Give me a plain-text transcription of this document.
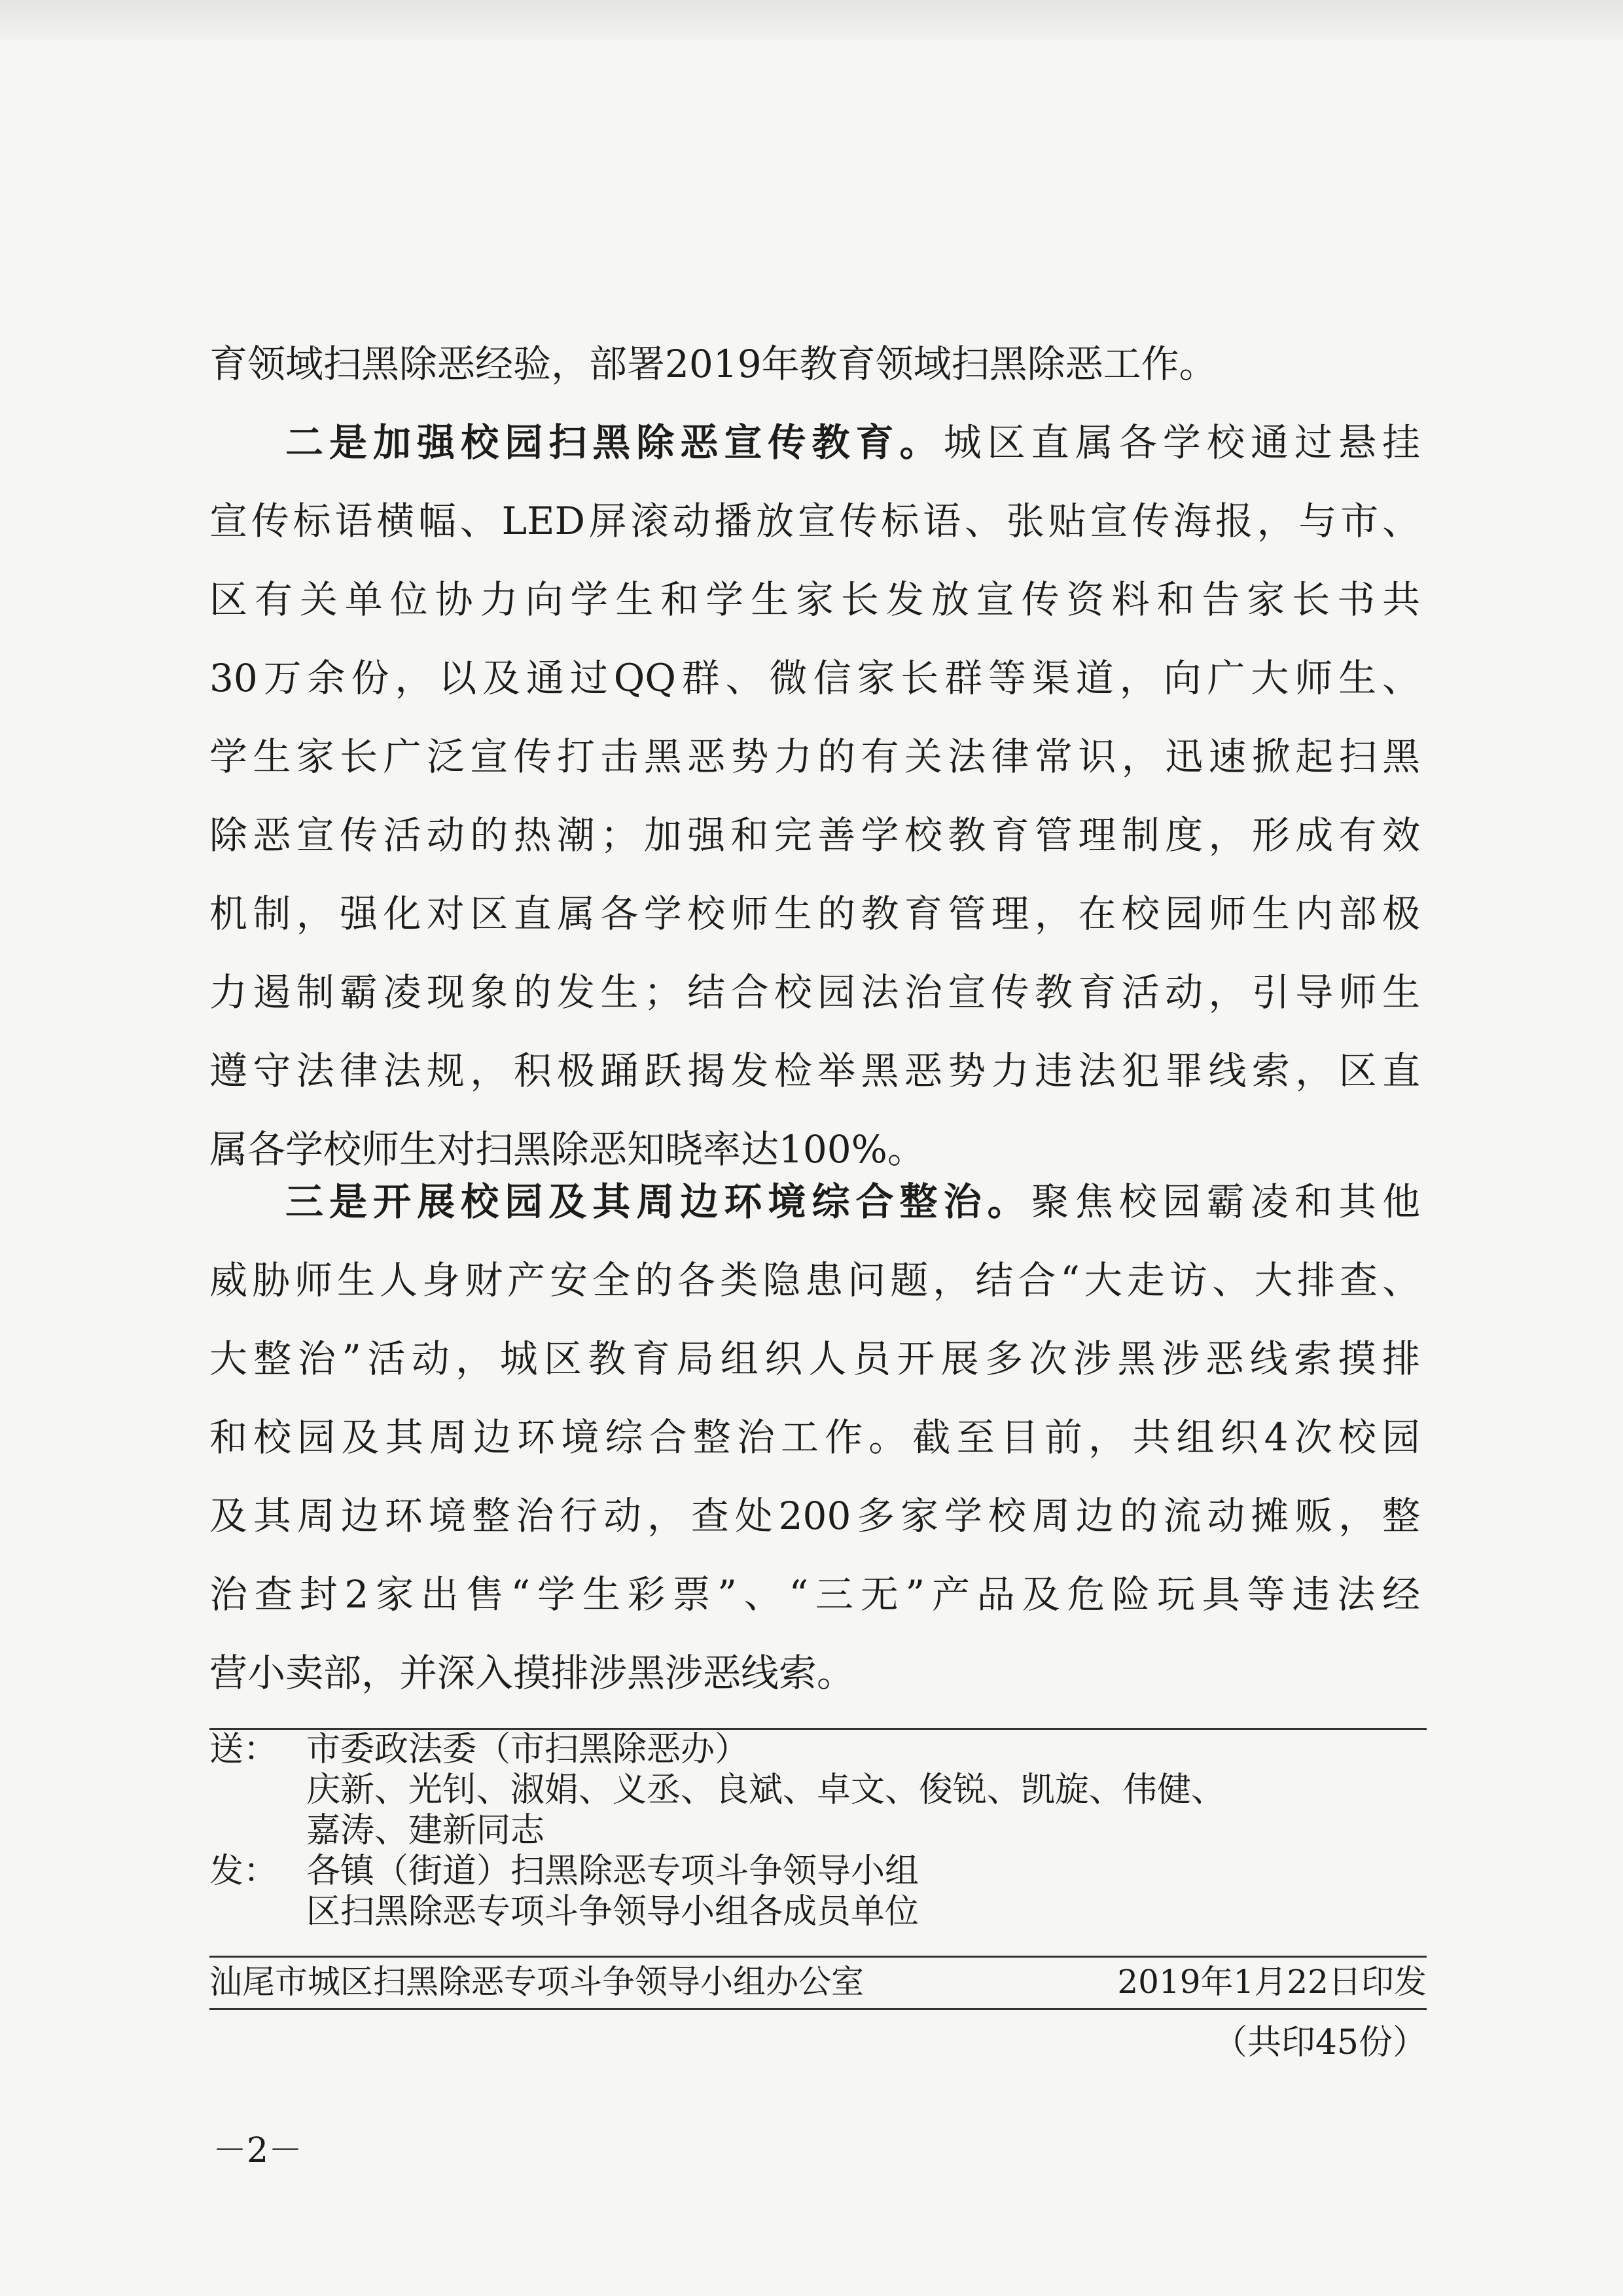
育领域扫黑除恶经验，部署2019年教育领域扫黑除恶工作。

二是加强校园扫黑除恶宣传教育。城区直属各学校通过悬挂

宣传标语横幅、LED屏滚动播放宣传标语、张贴宣传海报，与市、

区有关单位协力向学生和学生家长发放宣传资料和告家长书共

30万余份，以及通过QQ群、微信家长群等渠道，向广大师生、

学生家长广泛宣传打击黑恶势力的有关法律常识，迅速掀起扫黑

除恶宣传活动的热潮；加强和完善学校教育管理制度，形成有效

机制，强化对区直属各学校师生的教育管理，在校园师生内部极

力遏制霸凌现象的发生；结合校园法治宣传教育活动，引导师生

遵守法律法规，积极踊跃揭发检举黑恶势力违法犯罪线索，区直

属各学校师生对扫黑除恶知晓率达100%。

三是开展校园及其周边环境综合整治。聚焦校园霸凌和其他

威胁师生人身财产安全的各类隐患问题，结合“大走访、大排查、

大整治”活动，城区教育局组织人员开展多次涉黑涉恶线索摸排

和校园及其周边环境综合整治工作。截至目前，共组织4次校园

及其周边环境整治行动，查处200多家学校周边的流动摊贩，整

治查封2家出售“学生彩票”、“三无”产品及危险玩具等违法经

营小卖部，并深入摸排涉黑涉恶线索。

送： 市委政法委（市扫黑除恶办）
庆新、光钊、淑娟、义丞、良斌、卓文、俊锐、凯旋、伟健、
嘉涛、建新同志
发： 各镇（街道）扫黑除恶专项斗争领导小组
区扫黑除恶专项斗争领导小组各成员单位
汕尾市城区扫黑除恶专项斗争领导小组办公室	2019年1月22日印发
（共印45份）
－2－
